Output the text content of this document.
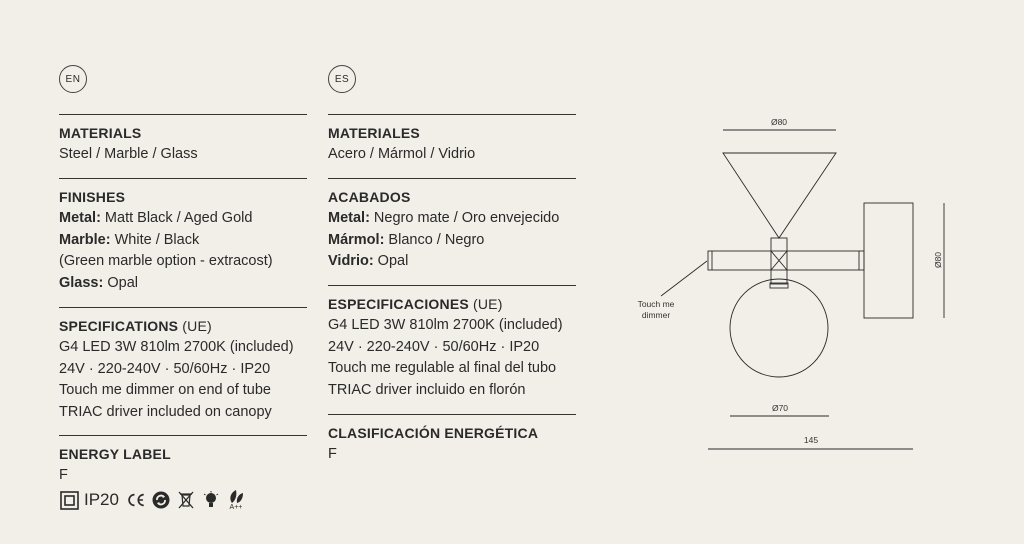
EN
MATERIALS
Steel / Marble / Glass
FINISHES
Metal: Matt Black / Aged Gold
Marble: White / Black
(Green marble option - extracost)
Glass: Opal
SPECIFICATIONS (UE)
G4 LED 3W 810lm 2700K (included)
24V · 220-240V · 50/60Hz · IP20
Touch me dimmer on end of tube
TRIAC driver included on canopy
ENERGY LABEL
F
IP20	A++
ES
MATERIALES
Acero / Mármol / Vidrio
ACABADOS
Metal: Negro mate / Oro envejecido
Mármol: Blanco / Negro
Vidrio: Opal
ESPECIFICACIONES (UE)
G4 LED 3W 810lm 2700K (included)
24V · 220-240V · 50/60Hz · IP20
Touch me regulable al final del tubo
TRIAC driver incluido en florón
CLASIFICACIÓN ENERGÉTICA
F
Ø80
Ø80
Ø70
145
Touch me
dimmer
